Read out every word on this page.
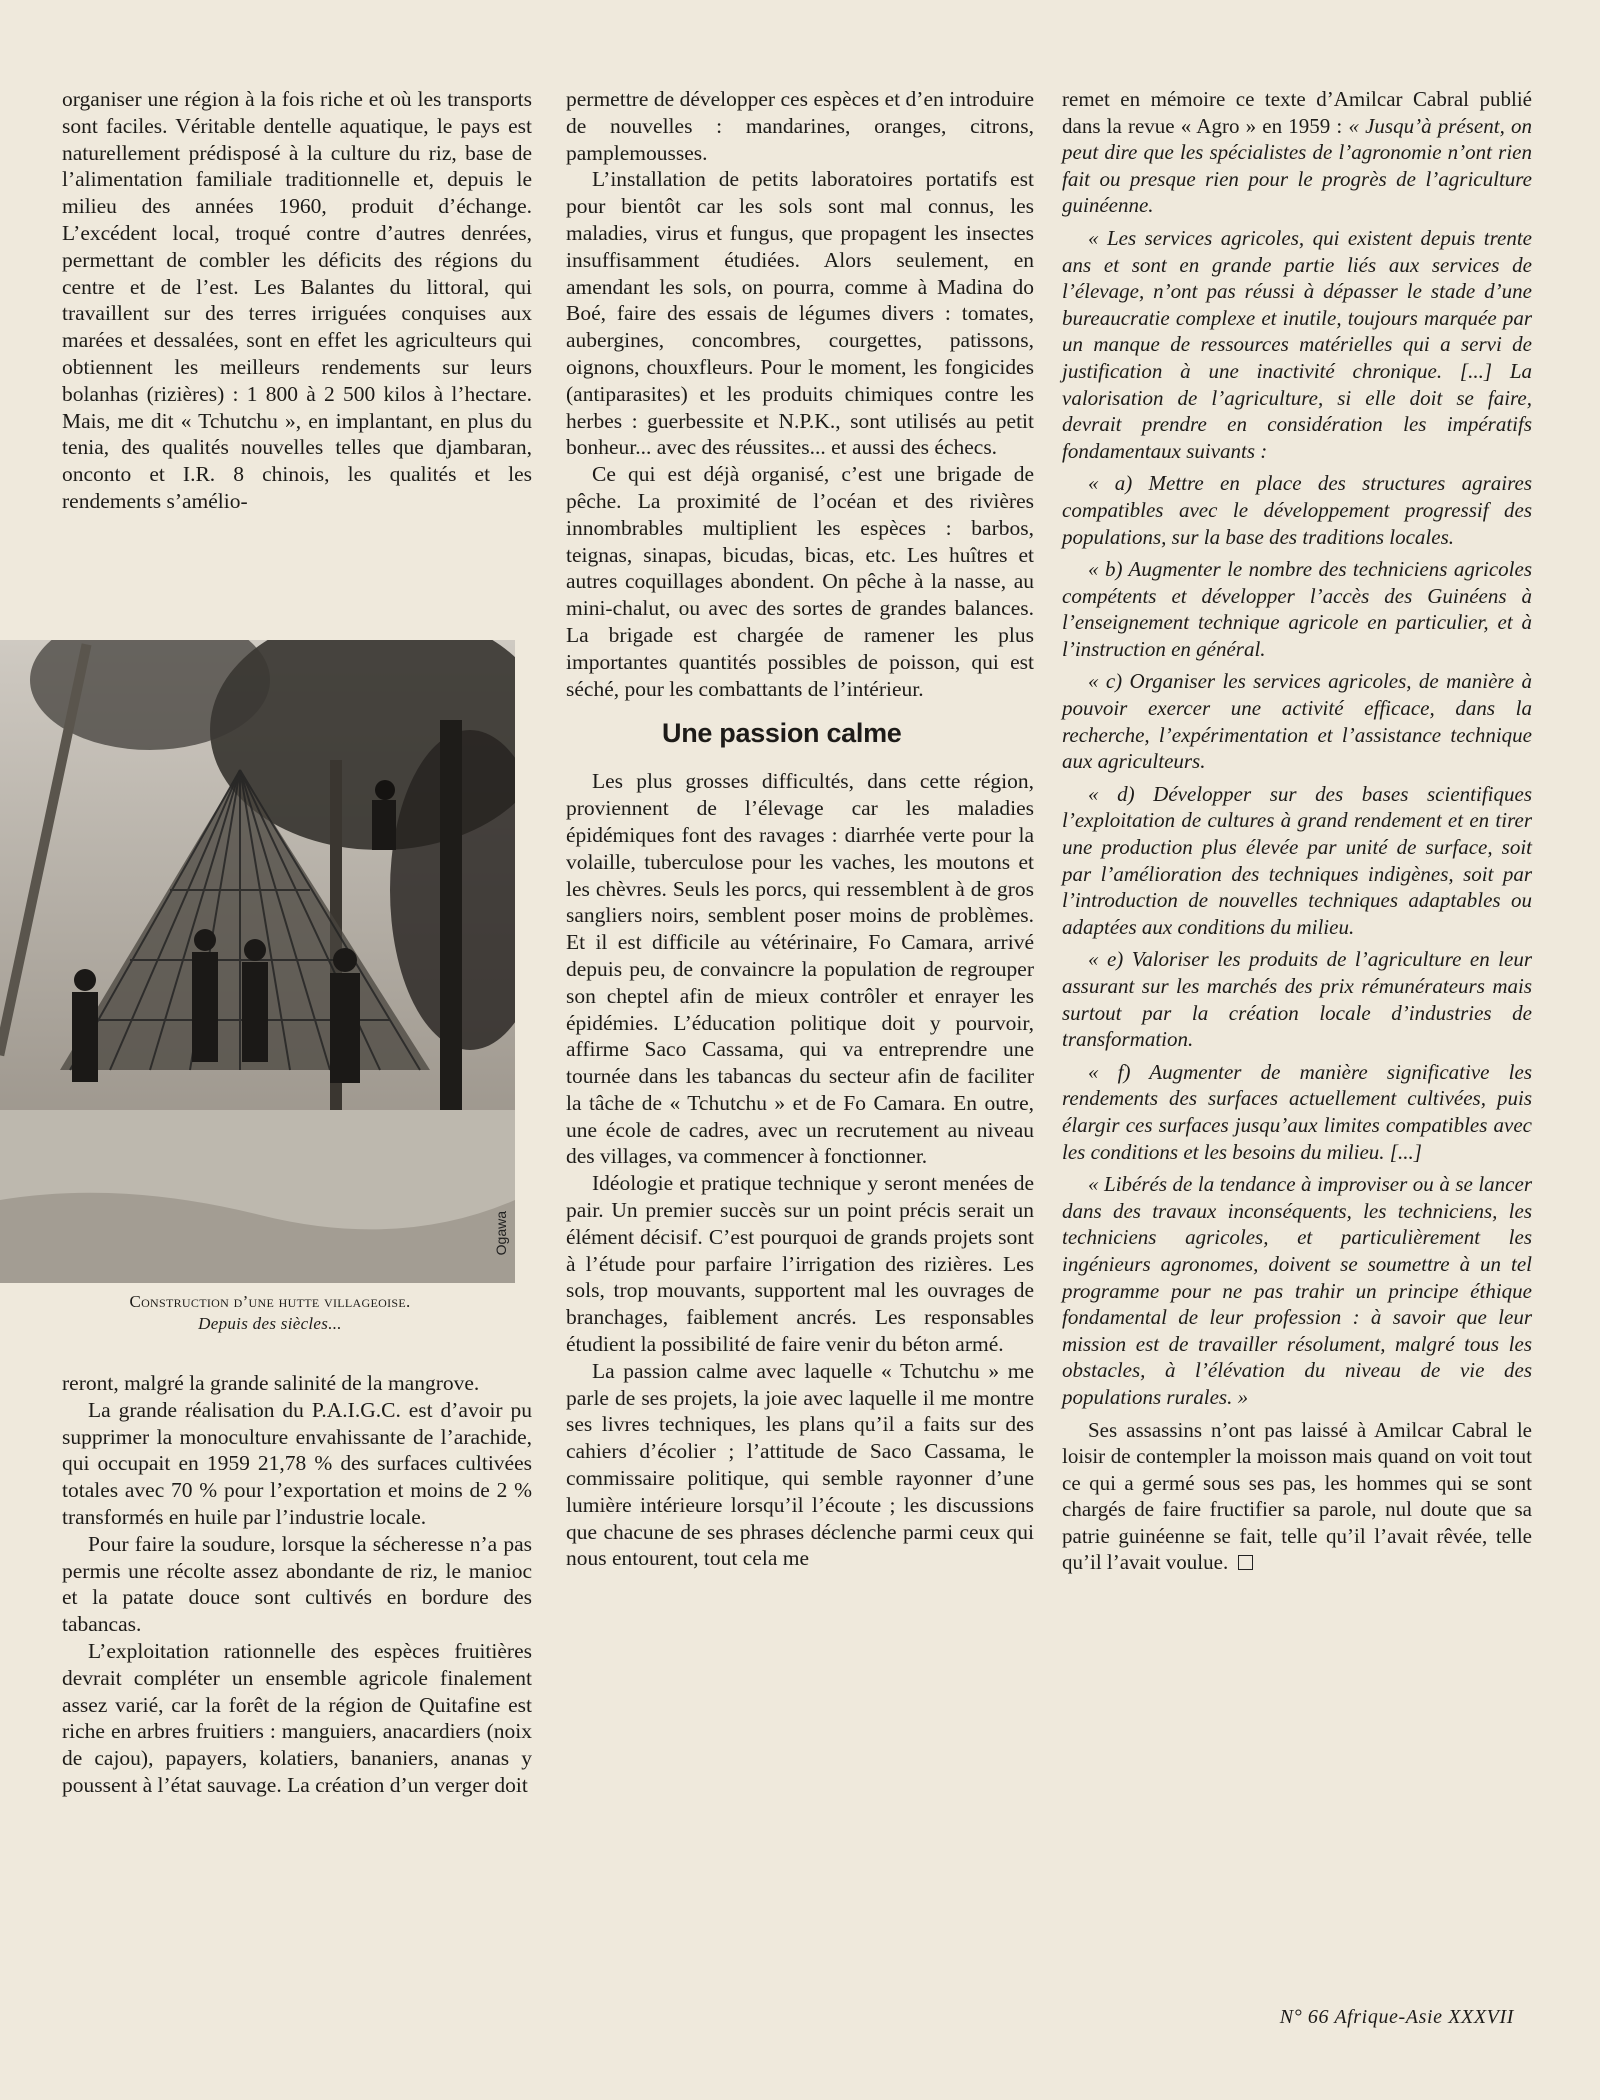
organiser une région à la fois riche et où les transports sont faciles. Véritable dentelle aquatique, le pays est naturellement prédisposé à la culture du riz, base de l’alimentation familiale traditionnelle et, depuis le milieu des années 1960, produit d’échange. L’excédent local, troqué contre d’autres denrées, permettant de combler les déficits des régions du centre et de l’est. Les Balantes du littoral, qui travaillent sur des terres irriguées conquises aux marées et dessalées, sont en effet les agriculteurs qui obtiennent les meilleurs rendements sur leurs bolanhas (rizières) : 1 800 à 2 500 kilos à l’hectare. Mais, me dit « Tchutchu », en implantant, en plus du tenia, des qualités nouvelles telles que djambaran, onconto et I.R. 8 chinois, les qualités et les rendements s’amélio-

Ogawa
Construction d’une hutte villageoise.
Depuis des siècles...

reront, malgré la grande salinité de la mangrove.

La grande réalisation du P.A.I.G.C. est d’avoir pu supprimer la monoculture envahissante de l’arachide, qui occupait en 1959 21,78 % des surfaces cultivées totales avec 70 % pour l’exportation et moins de 2 % transformés en huile par l’industrie locale.

Pour faire la soudure, lorsque la sécheresse n’a pas permis une récolte assez abondante de riz, le manioc et la patate douce sont cultivés en bordure des tabancas.

L’exploitation rationnelle des espèces fruitières devrait compléter un ensemble agricole finalement assez varié, car la forêt de la région de Quitafine est riche en arbres fruitiers : manguiers, anacardiers (noix de cajou), papayers, kolatiers, bananiers, ananas y poussent à l’état sauvage. La création d’un verger doit

permettre de développer ces espèces et d’en introduire de nouvelles : mandarines, oranges, citrons, pamplemousses.

L’installation de petits laboratoires portatifs est pour bientôt car les sols sont mal connus, les maladies, virus et fungus, que propagent les insectes insuffisamment étudiées. Alors seulement, en amendant les sols, on pourra, comme à Madina do Boé, faire des essais de légumes divers : tomates, aubergines, concombres, courgettes, patissons, oignons, chouxfleurs. Pour le moment, les fongicides (antiparasites) et les produits chimiques contre les herbes : guerbessite et N.P.K., sont utilisés au petit bonheur... avec des réussites... et aussi des échecs.

Ce qui est déjà organisé, c’est une brigade de pêche. La proximité de l’océan et des rivières innombrables multiplient les espèces : barbos, teignas, sinapas, bicudas, bicas, etc. Les huîtres et autres coquillages abondent. On pêche à la nasse, au mini-chalut, ou avec des sortes de grandes balances. La brigade est chargée de ramener les plus importantes quantités possibles de poisson, qui est séché, pour les combattants de l’intérieur.

Une passion calme

Les plus grosses difficultés, dans cette région, proviennent de l’élevage car les maladies épidémiques font des ravages : diarrhée verte pour la volaille, tuberculose pour les vaches, les moutons et les chèvres. Seuls les porcs, qui ressemblent à de gros sangliers noirs, semblent poser moins de problèmes. Et il est difficile au vétérinaire, Fo Camara, arrivé depuis peu, de convaincre la population de regrouper son cheptel afin de mieux contrôler et enrayer les épidémies. L’éducation politique doit y pourvoir, affirme Saco Cassama, qui va entreprendre une tournée dans les tabancas du secteur afin de faciliter la tâche de « Tchutchu » et de Fo Camara. En outre, une école de cadres, avec un recrutement au niveau des villages, va commencer à fonctionner.

Idéologie et pratique technique y seront menées de pair. Un premier succès sur un point précis serait un élément décisif. C’est pourquoi de grands projets sont à l’étude pour parfaire l’irrigation des rizières. Les sols, trop mouvants, supportent mal les ouvrages de branchages, faiblement ancrés. Les responsables étudient la possibilité de faire venir du béton armé.

La passion calme avec laquelle « Tchutchu » me parle de ses projets, la joie avec laquelle il me montre ses livres techniques, les plans qu’il a faits sur des cahiers d’écolier ; l’attitude de Saco Cassama, le commissaire politique, qui semble rayonner d’une lumière intérieure lorsqu’il l’écoute ; les discussions que chacune de ses phrases déclenche parmi ceux qui nous entourent, tout cela me

remet en mémoire ce texte d’Amilcar Cabral publié dans la revue « Agro » en 1959 : « Jusqu’à présent, on peut dire que les spécialistes de l’agronomie n’ont rien fait ou presque rien pour le progrès de l’agriculture guinéenne.

« Les services agricoles, qui existent depuis trente ans et sont en grande partie liés aux services de l’élevage, n’ont pas réussi à dépasser le stade d’une bureaucratie complexe et inutile, toujours marquée par un manque de ressources matérielles qui a servi de justification à une inactivité chronique. [...] La valorisation de l’agriculture, si elle doit se faire, devrait prendre en considération les impératifs fondamentaux suivants :

« a) Mettre en place des structures agraires compatibles avec le développement progressif des populations, sur la base des traditions locales.

« b) Augmenter le nombre des techniciens agricoles compétents et développer l’accès des Guinéens à l’enseignement technique agricole en particulier, et à l’instruction en général.

« c) Organiser les services agricoles, de manière à pouvoir exercer une activité efficace, dans la recherche, l’expérimentation et l’assistance technique aux agriculteurs.

« d) Développer sur des bases scientifiques l’exploitation de cultures à grand rendement et en tirer une production plus élevée par unité de surface, soit par l’amélioration des techniques indigènes, soit par l’introduction de nouvelles techniques adaptables ou adaptées aux conditions du milieu.

« e) Valoriser les produits de l’agriculture en leur assurant sur les marchés des prix rémunérateurs mais surtout par la création locale d’industries de transformation.

« f) Augmenter de manière significative les rendements des surfaces actuellement cultivées, puis élargir ces surfaces jusqu’aux limites compatibles avec les conditions et les besoins du milieu. [...]

« Libérés de la tendance à improviser ou à se lancer dans des travaux inconséquents, les techniciens, les techniciens agricoles, et particulièrement les ingénieurs agronomes, doivent se soumettre à un tel programme pour ne pas trahir un principe éthique fondamental de leur profession : à savoir que leur mission est de travailler résolument, malgré tous les obstacles, à l’élévation du niveau de vie des populations rurales. »

Ses assassins n’ont pas laissé à Amilcar Cabral le loisir de contempler la moisson mais quand on voit tout ce qui a germé sous ses pas, les hommes qui se sont chargés de faire fructifier sa parole, nul doute que sa patrie guinéenne se fait, telle qu’il l’avait rêvée, telle qu’il l’avait voulue.

N° 66 Afrique-Asie XXXVII
